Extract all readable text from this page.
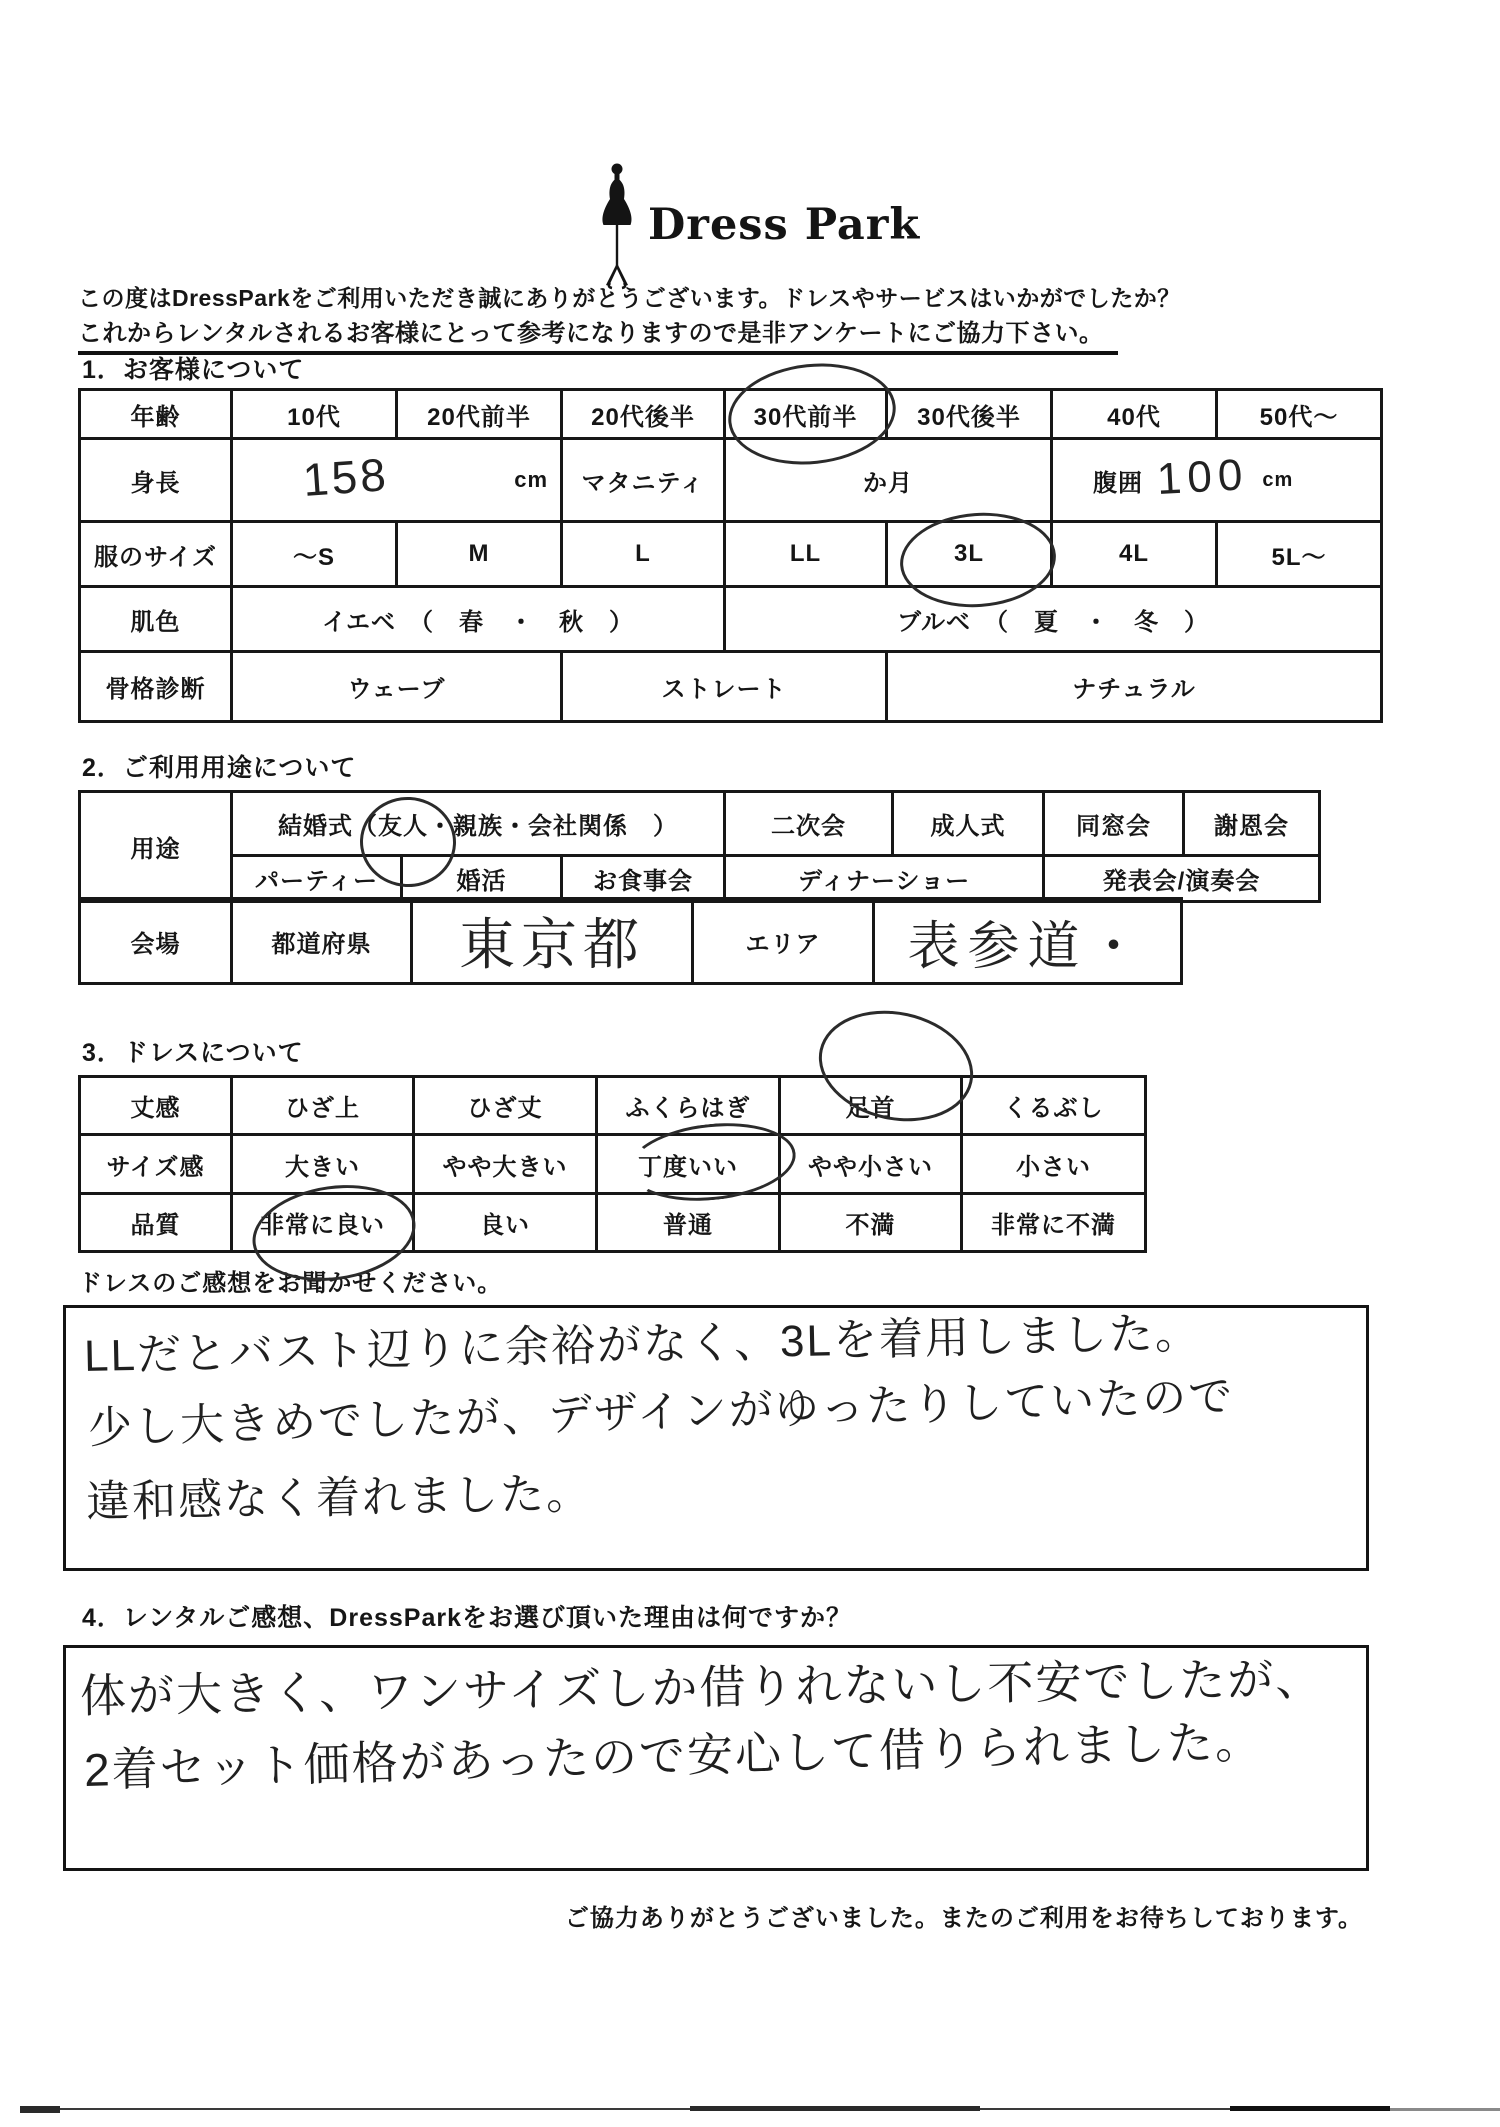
Dress Park
この度はDressParkをご利用いただき誠にありがとうございます。ドレスやサービスはいかがでしたか？
これからレンタルされるお客様にとって参考になりますので是非アンケートにご協力下さい。
1．お客様について
年齢	10代	20代前半	20代後半	30代前半	30代後半	40代	50代～
身長	158 cm		マタニティ	か月		腹囲 100 cm	

服のサイズ	～S	M	L	LL	3L	4L	5L～
肌色	イエベ　（　春　・　秋　）			ブルベ　（　夏　・　冬　）			
骨格診断	ウェーブ		ストレート		ナチュラル		
2．ご利用用途について
用途	結婚式（友人・親族・会社関係　）			二次会	成人式	同窓会	謝恩会
	パーティー	婚活	お食事会	ディナーショー		発表会/演奏会	
会場	都道府県	東京都	エリア	表参道・
3．ドレスについて
丈感	ひざ上	ひざ丈	ふくらはぎ	足首	くるぶし
サイズ感	大きい	やや大きい	丁度いい	やや小さい	小さい
品質	非常に良い	良い	普通	不満	非常に不満
ドレスのご感想をお聞かせください。
LLだとバスト辺りに余裕がなく、3Lを着用しました。
少し大きめでしたが、デザインがゆったりしていたので
違和感なく着れました。
4．レンタルご感想、DressParkをお選び頂いた理由は何ですか？
体が大きく、ワンサイズしか借りれないし不安でしたが、
2着セット価格があったので安心して借りられました。
ご協力ありがとうございました。またのご利用をお待ちしております。
